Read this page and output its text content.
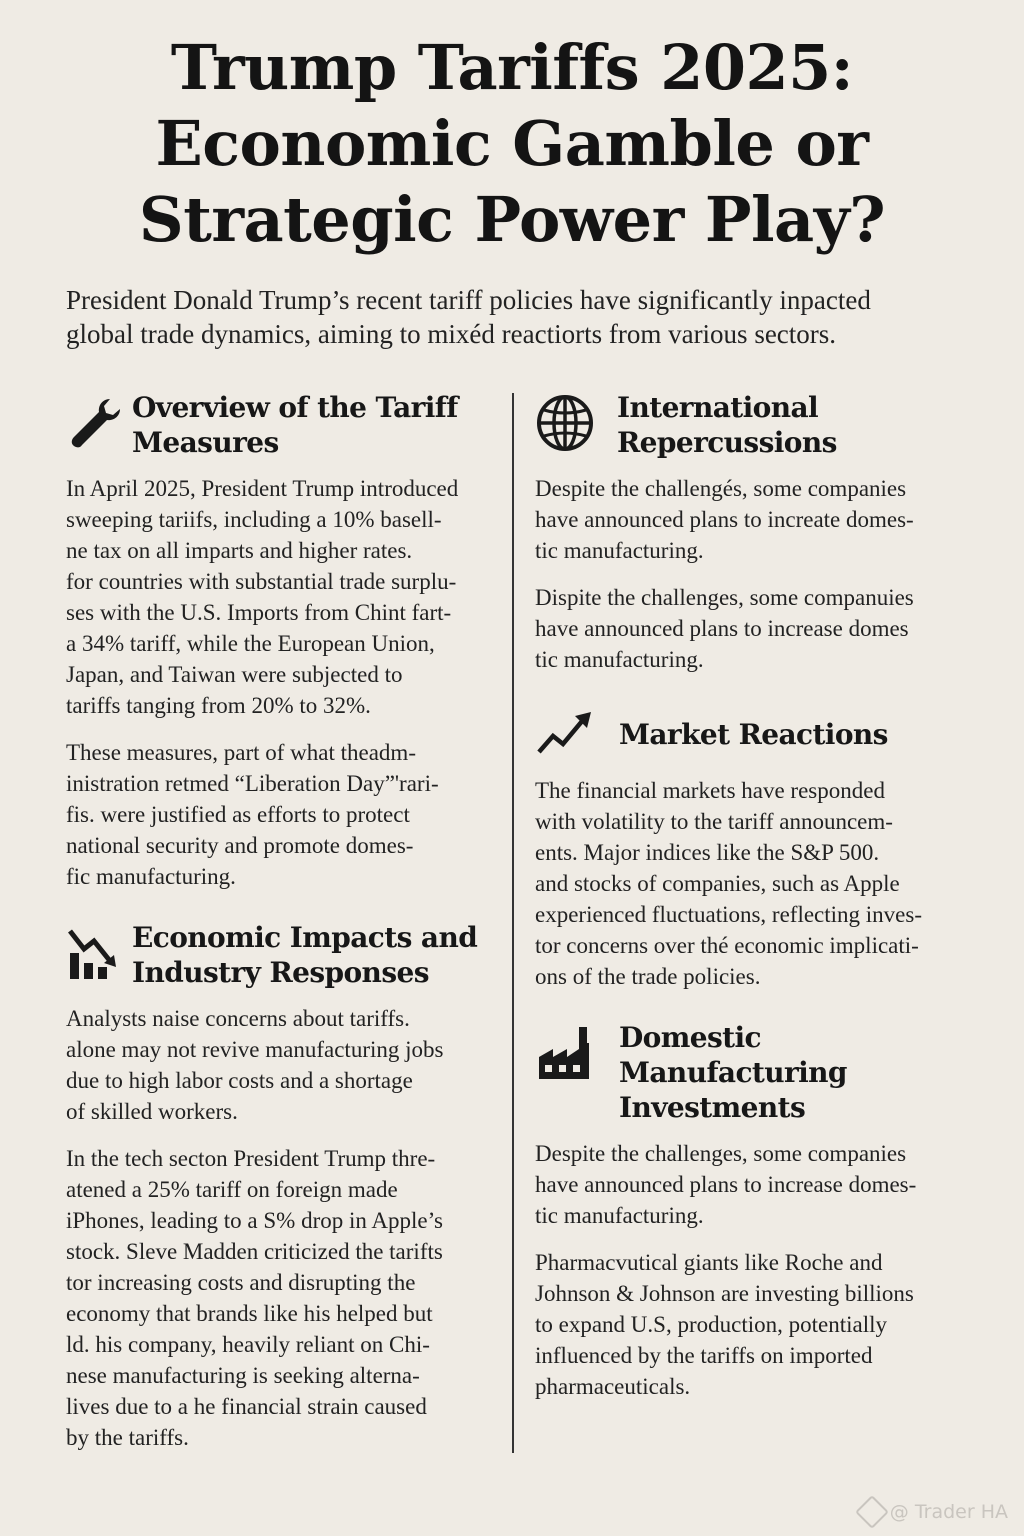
Trump Tariffs 2025:
Economic Gamble or
Strategic Power Play?

President Donald Trump’s recent tariff policies have significantly inpacted
global trade dynamics, aiming to mixéd reactiorts from various sectors.

Overview of the Tariff
Measures

In April 2025, President Trump introduced
sweeping tariifs, including a 10% basell-
ne tax on all imparts and higher rates.
for countries with substantial trade surplu-
ses with the U.S. Imports from Chint fart-
a 34% tariff, while the European Union,
Japan, and Taiwan were subjected to
tariffs tanging from 20% to 32%.

These measures, part of what theadm-
inistration retmed “Liberation Day”'rari-
fis. were justified as efforts to protect
national security and promote domes-
fic manufacturing.

Economic Impacts and
Industry Responses

Analysts naise concerns about tariffs.
alone may not revive manufacturing jobs
due to high labor costs and a shortage
of skilled workers.

In the tech secton President Trump thre-
atened a 25% tariff on foreign made
iPhones, leading to a S% drop in Apple’s
stock. Sleve Madden criticized the tarifts
tor increasing costs and disrupting the
economy that brands like his helped but
ld. his company, heavily reliant on Chi-
nese manufacturing is seeking alterna-
lives due to a he financial strain caused
by the tariffs.

International
Repercussions

Despite the challengés, some companies
have announced plans to increate domes-
tic manufacturing.

Dispite the challenges, some companuies
have announced plans to increase domes
tic manufacturing.

Market Reactions

The financial markets have responded
with volatility to the tariff announcem-
ents. Major indices like the S&P 500.
and stocks of companies, such as Apple
experienced fluctuations, reflecting inves-
tor concerns over thé economic implicati-
ons of the trade policies.

Domestic Manufacturing
Investments

Despite the challenges, some companies
have announced plans to increase domes-
tic manufacturing.

Pharmacvutical giants like Roche and
Johnson & Johnson are investing billions
to expand U.S, production, potentially
influenced by the tariffs on imported
pharmaceuticals.

@ Trader HA
